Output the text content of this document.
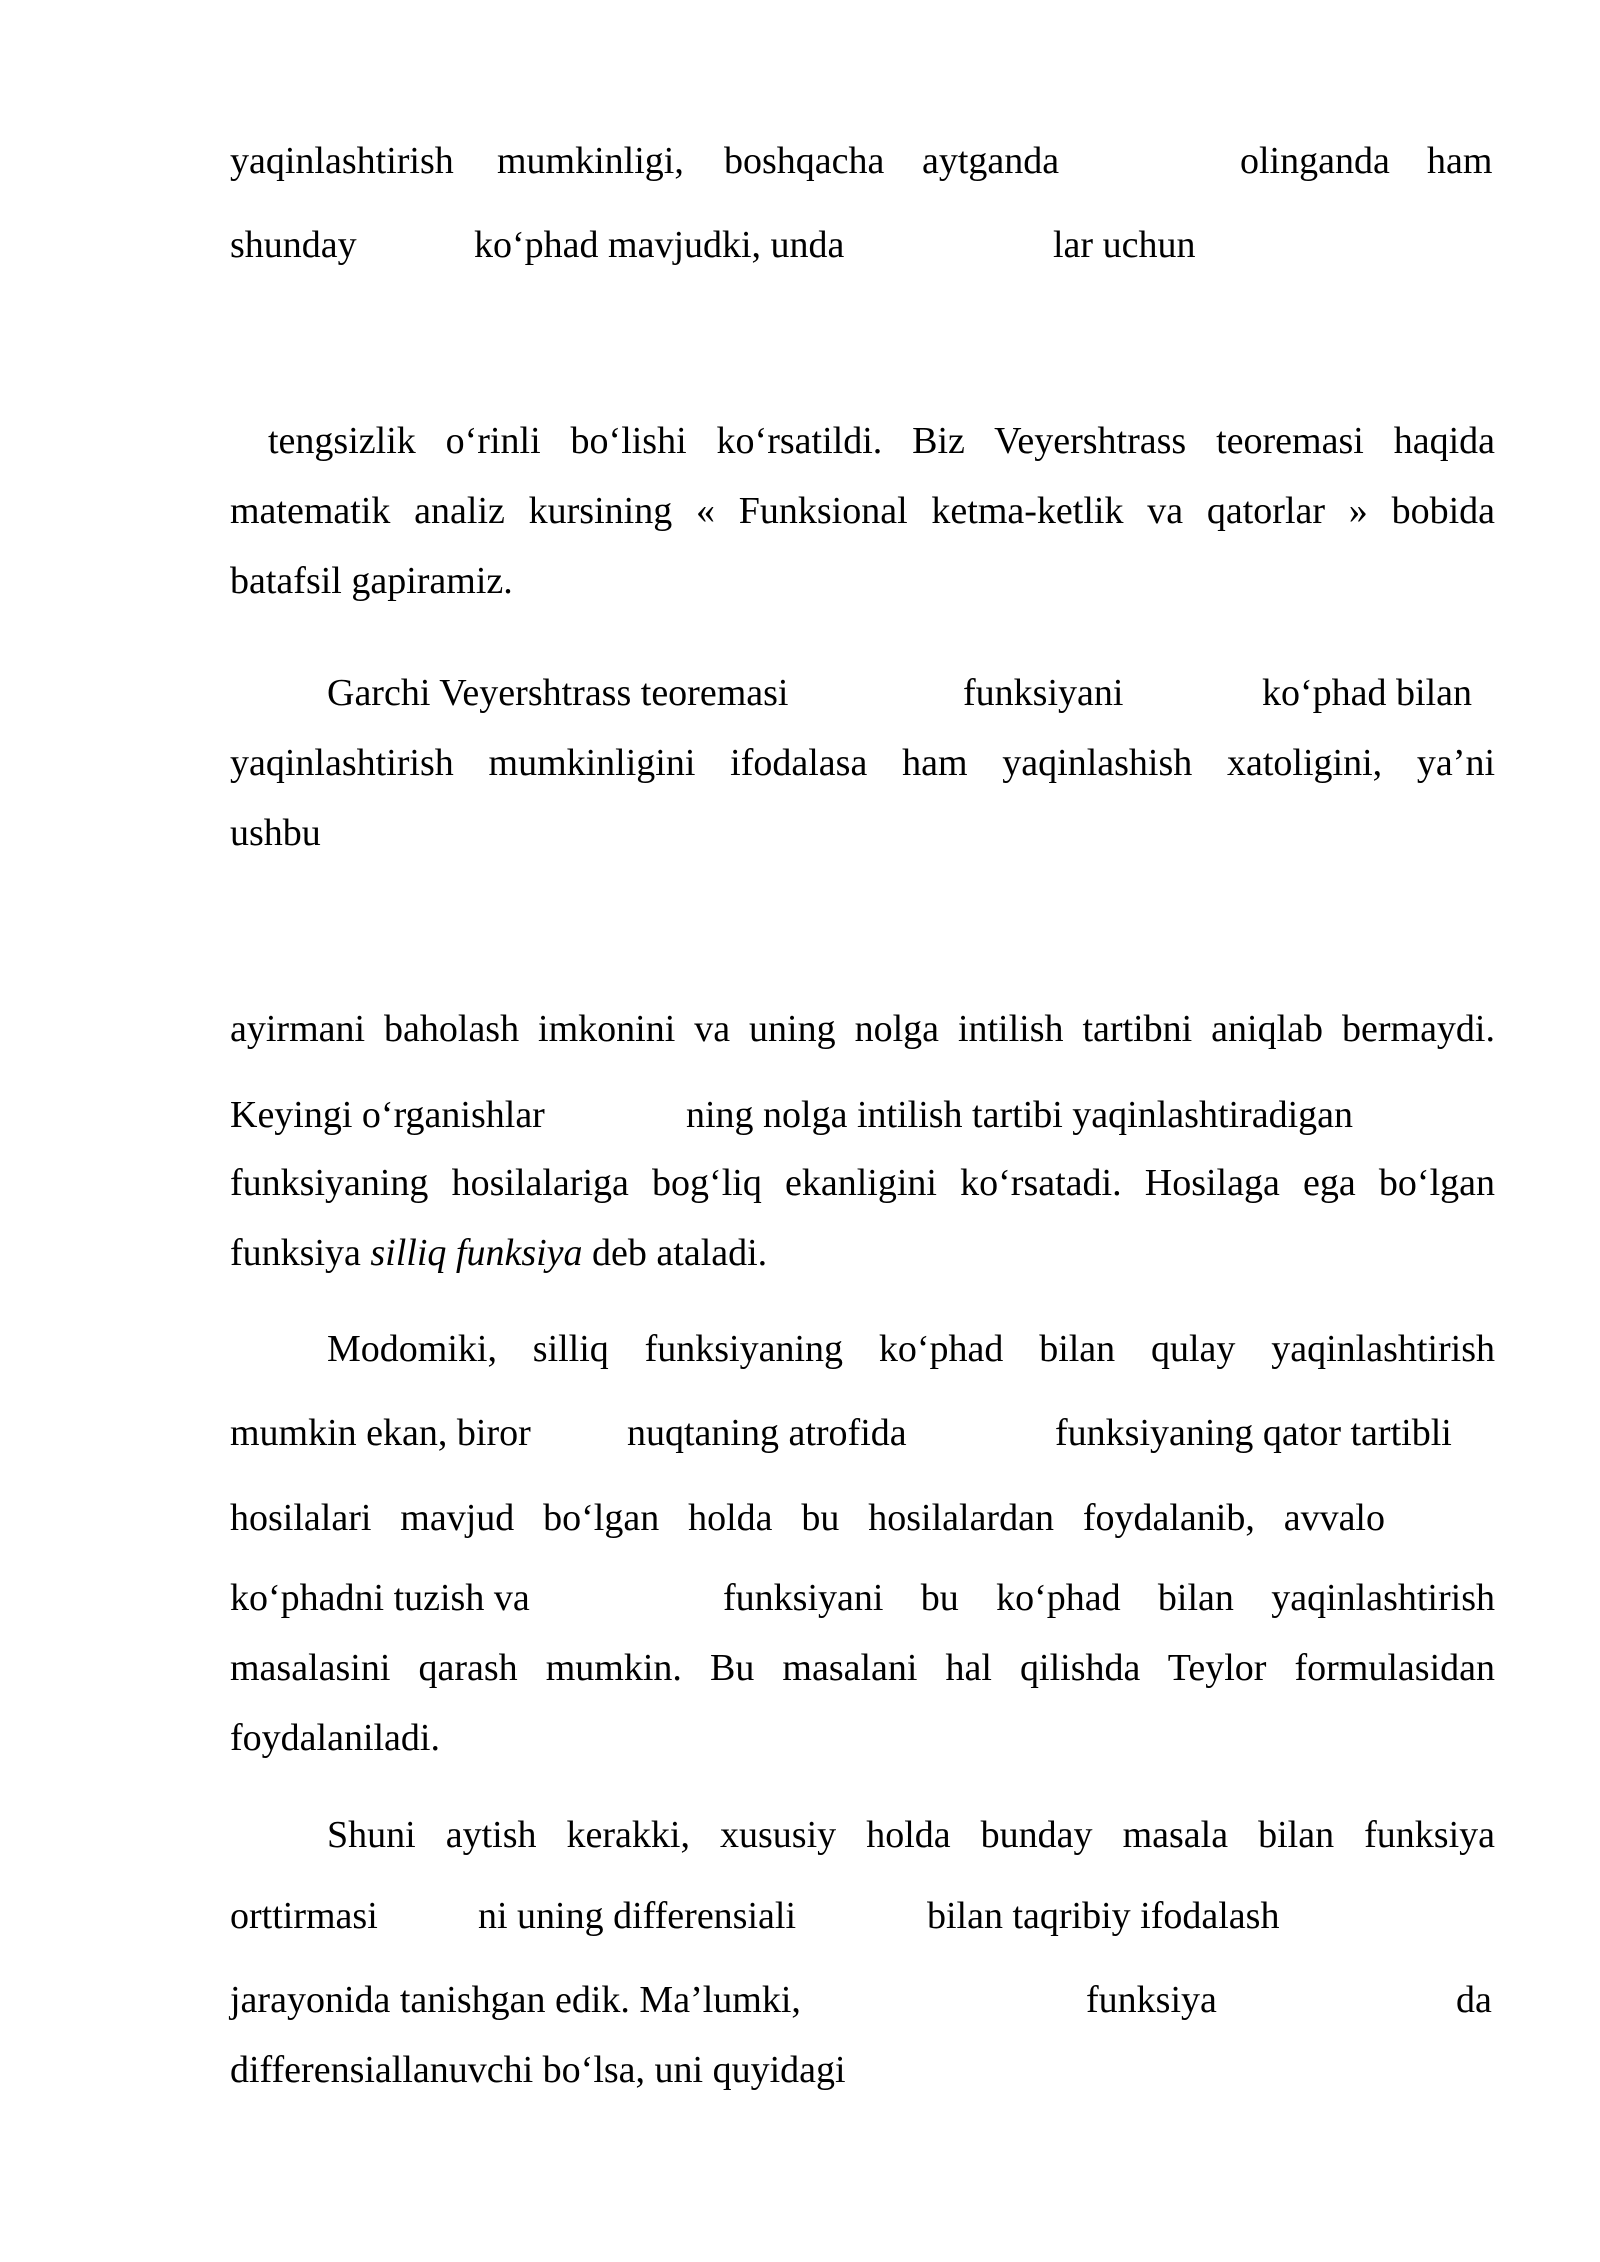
yaqinlashtirish mumkinligi, boshqacha aytganda	olinganda ham
shunday	ko‘phad mavjudki, unda	lar uchun
tengsizlik o‘rinli bo‘lishi ko‘rsatildi. Biz Veyershtrass teoremasi haqida
matematik analiz kursining « Funksional ketma-ketlik va qatorlar » bobida
batafsil gapiramiz.
Garchi Veyershtrass teoremasi	funksiyani	ko‘phad bilan
yaqinlashtirish mumkinligini ifodalasa ham yaqinlashish xatoligini, ya’ni
ushbu
ayirmani baholash imkonini va uning nolga intilish tartibni aniqlab bermaydi.
Keyingi o‘rganishlar	ning nolga intilish tartibi yaqinlashtiradigan
funksiyaning hosilalariga bog‘liq ekanligini ko‘rsatadi. Hosilaga ega bo‘lgan
funksiya silliq funksiya deb ataladi.
Modomiki, silliq funksiyaning ko‘phad bilan qulay yaqinlashtirish
mumkin ekan, biror	nuqtaning atrofida	funksiyaning qator tartibli
hosilalari mavjud bo‘lgan holda bu hosilalardan foydalanib, avvalo
ko‘phadni tuzish va	funksiyani bu ko‘phad bilan yaqinlashtirish
masalasini qarash mumkin. Bu masalani hal qilishda Teylor formulasidan
foydalaniladi.
Shuni aytish kerakki, xususiy holda bunday masala bilan funksiya
orttirmasi	ni uning differensiali	bilan taqribiy ifodalash
jarayonida tanishgan edik. Ma’lumki,	funksiya	da
differensiallanuvchi bo‘lsa, uni quyidagi
